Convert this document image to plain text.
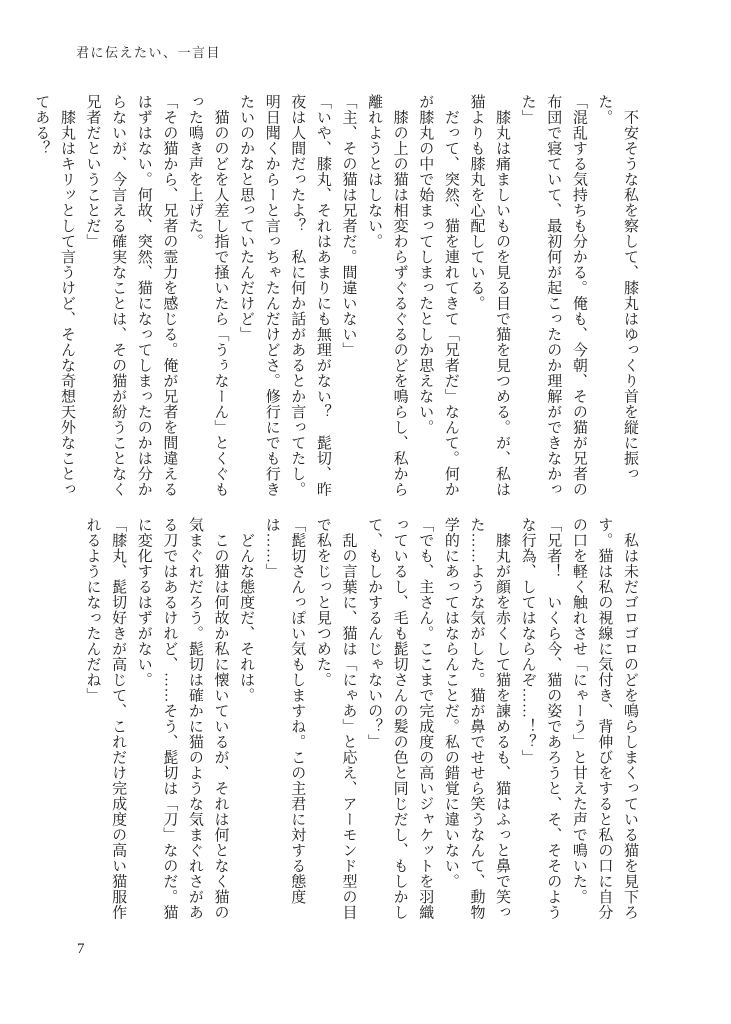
君に伝えたい、一言目

　不安そうな私を察して、膝丸はゆっくり首を縦に振った。

「混乱する気持ちも分かる。俺も、今朝、その猫が兄者の布団で寝ていて、最初何が起こったのか理解ができなかった」

　膝丸は痛ましいものを見る目で猫を見つめる。が、私は猫よりも膝丸を心配している。

　だって、突然、猫を連れてきて「兄者だ」なんて。何かが膝丸の中で始まってしまったとしか思えない。

　膝の上の猫は相変わらずぐるぐるのどを鳴らし、私から離れようとはしない。

「主、その猫は兄者だ。間違いない」

「いや、膝丸、それはあまりにも無理がない？　髭切、昨夜は人間だったよ？　私に何か話があるとか言ってたし。明日聞くからーと言っちゃたんだけどさ。修行にでも行きたいのかなと思っていたんだけど」

　猫ののどを人差し指で掻いたら「うぅなーん」とくぐもった鳴き声を上げた。

「その猫から、兄者の霊力を感じる。俺が兄者を間違えるはずはない。何故、突然、猫になってしまったのかは分からないが、今言える確実なことは、その猫が紛うことなく兄者だということだ」

　膝丸はキリッとして言うけど、そんな奇想天外なことってある？

　私は未だゴロゴロのどを鳴らしまくっている猫を見下ろす。猫は私の視線に気付き、背伸びをすると私の口に自分の口を軽く触れさせ「にゃーう」と甘えた声で鳴いた。

「兄者！　いくら今、猫の姿であろうと、そ、そそのような行為、してはならんぞ……！？」

　膝丸が顔を赤くして猫を諌めるも、猫はふっと鼻で笑った……ような気がした。猫が鼻でせせら笑うなんて、動物学的にあってはならんことだ。私の錯覚に違いない。

「でも、主さん。ここまで完成度の高いジャケットを羽織っているし、毛も髭切さんの髪の色と同じだし、もしかして、もしかするんじゃないの？」

　乱の言葉に、猫は「にゃあ」と応え、アーモンド型の目で私をじっと見つめた。

「髭切さんっぽい気もしますね。この主君に対する態度は……」

　どんな態度だ、それは。

　この猫は何故か私に懐いているが、それは何となく猫の気まぐれだろう。髭切は確かに猫のような気まぐれさがある刀ではあるけれど、……そう、髭切は「刀」なのだ。猫に変化するはずがない。

「膝丸、髭切好きが高じて、これだけ完成度の高い猫服作れるようになったんだね」

7
